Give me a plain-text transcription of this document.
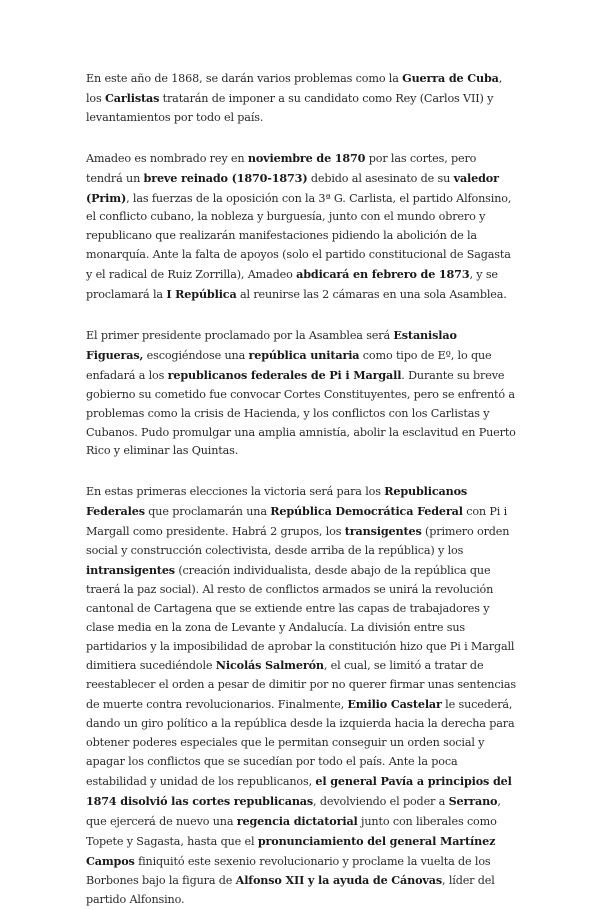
En este año de 1868, se darán varios problemas como la Guerra de Cuba, los Carlistas tratarán de imponer a su candidato como Rey (Carlos VII) y levantamientos por todo el país.

Amadeo es nombrado rey en noviembre de 1870 por las cortes, pero tendrá un breve reinado (1870-1873) debido al asesinato de su valedor (Prim), las fuerzas de la oposición con la 3ª G. Carlista, el partido Alfonsino, el conflicto cubano, la nobleza y burguesía, junto con el mundo obrero y republicano que realizarán manifestaciones pidiendo la abolición de la monarquía. Ante la falta de apoyos (solo el partido constitucional de Sagasta y el radical de Ruiz Zorrilla), Amadeo abdicará en febrero de 1873, y se proclamará la I República al reunirse las 2 cámaras en una sola Asamblea.

El primer presidente proclamado por la Asamblea será Estanislao Figueras, escogiéndose una república unitaria como tipo de Eº, lo que enfadará a los republicanos federales de Pi i Margall. Durante su breve gobierno su cometido fue convocar Cortes Constituyentes, pero se enfrentó a problemas como la crisis de Hacienda, y los conflictos con los Carlistas y Cubanos. Pudo promulgar una amplia amnistía, abolir la esclavitud en Puerto Rico y eliminar las Quintas.

En estas primeras elecciones la victoria será para los Republicanos Federales que proclamarán una República Democrática Federal con Pi i Margall como presidente. Habrá 2 grupos, los transigentes (primero orden social y construcción colectivista, desde arriba de la república) y los intransigentes (creación individualista, desde abajo de la república que traerá la paz social). Al resto de conflictos armados se unirá la revolución cantonal de Cartagena que se extiende entre las capas de trabajadores y clase media en la zona de Levante y Andalucía. La división entre sus partidarios y la imposibilidad de aprobar la constitución hizo que Pi i Margall dimitiera sucediéndole Nicolás Salmerón, el cual, se limitó a tratar de reestablecer el orden a pesar de dimitir por no querer firmar unas sentencias de muerte contra revolucionarios. Finalmente, Emilio Castelar le sucederá, dando un giro político a la república desde la izquierda hacia la derecha para obtener poderes especiales que le permitan conseguir un orden social y apagar los conflictos que se sucedían por todo el país. Ante la poca estabilidad y unidad de los republicanos, el general Pavía a principios del 1874 disolvió las cortes republicanas, devolviendo el poder a Serrano, que ejercerá de nuevo una regencia dictatorial junto con liberales como Topete y Sagasta, hasta que el pronunciamiento del general Martínez Campos finiquitó este sexenio revolucionario y proclame la vuelta de los Borbones bajo la figura de Alfonso XII y la ayuda de Cánovas, líder del partido Alfonsino.
